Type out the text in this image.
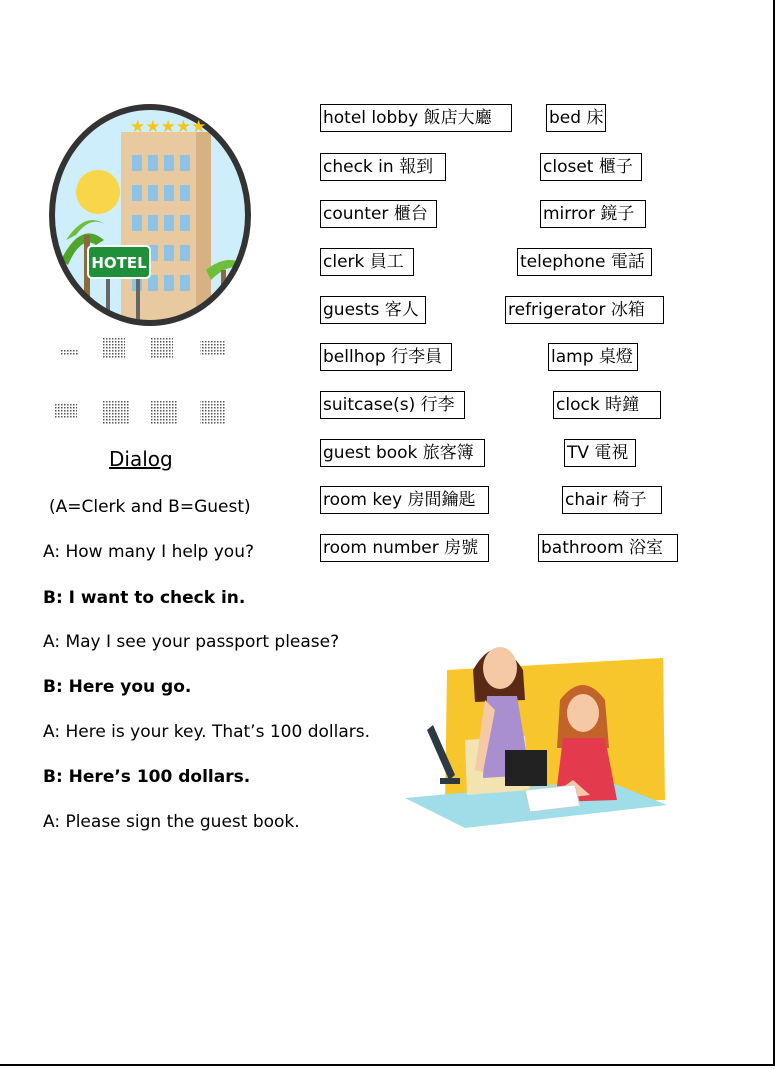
★★★★★
HOTEL
hotel lobby 飯店大廳	bed 床
check in 報到	closet 櫃子
counter 櫃台	mirror 鏡子
clerk 員工	telephone 電話
guests 客人	refrigerator 冰箱
bellhop 行李員	lamp 桌燈
suitcase(s) 行李	clock 時鐘
guest book 旅客簿	TV 電視
room key 房間鑰匙	chair 椅子
room number 房號	bathroom 浴室
Dialog
(A=Clerk and B=Guest)
A: How many I help you?
B: I want to check in.
A: May I see your passport please?
B: Here you go.
A: Here is your key. That’s 100 dollars.
B: Here’s 100 dollars.
A: Please sign the guest book.
